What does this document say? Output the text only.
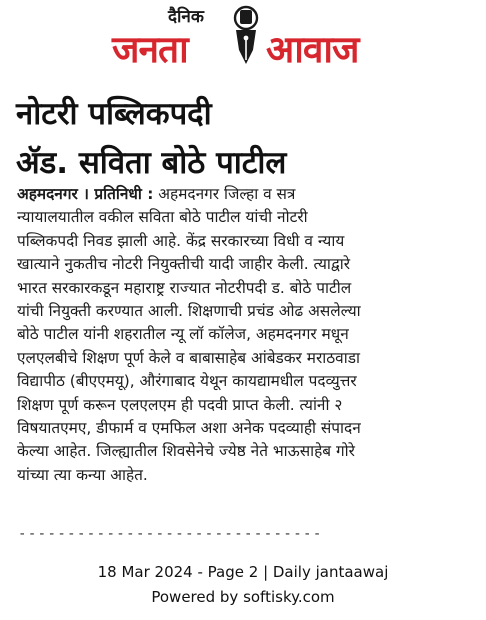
दैनिक
जनता आवाज
नोटरी पब्लिकपदी
ॲड. सविता बोठे पाटील
अहमदनगर । प्रतिनिधी : अहमदनगर जिल्हा व सत्र
न्यायालयातील वकील सविता बोठे पाटील यांची नोटरी
पब्लिकपदी निवड झाली आहे. केंद्र सरकारच्या विधी व न्याय
खात्याने नुकतीच नोटरी नियुक्तीची यादी जाहीर केली. त्याद्वारे
भारत सरकारकडून महाराष्ट्र राज्यात नोटरीपदी ड. बोठे पाटील
यांची नियुक्ती करण्यात आली. शिक्षणाची प्रचंड ओढ असलेल्या
बोठे पाटील यांनी शहरातील न्यू लॉ कॉलेज, अहमदनगर मधून
एलएलबीचे शिक्षण पूर्ण केले व बाबासाहेब आंबेडकर मराठवाडा
विद्यापीठ (बीएएमयू), औरंगाबाद येथून कायद्यामधील पदव्युत्तर
शिक्षण पूर्ण करून एलएलएम ही पदवी प्राप्त केली. त्यांनी २
विषयातएमए, डीफार्म व एमफिल अशा अनेक पदव्याही संपादन
केल्या आहेत. जिल्ह्यातील शिवसेनेचे ज्येष्ठ नेते भाऊसाहेब गोरे
यांच्या त्या कन्या आहेत.
-------------------------------
18 Mar 2024 - Page 2 | Daily jantaawaj
Powered by softisky.com
